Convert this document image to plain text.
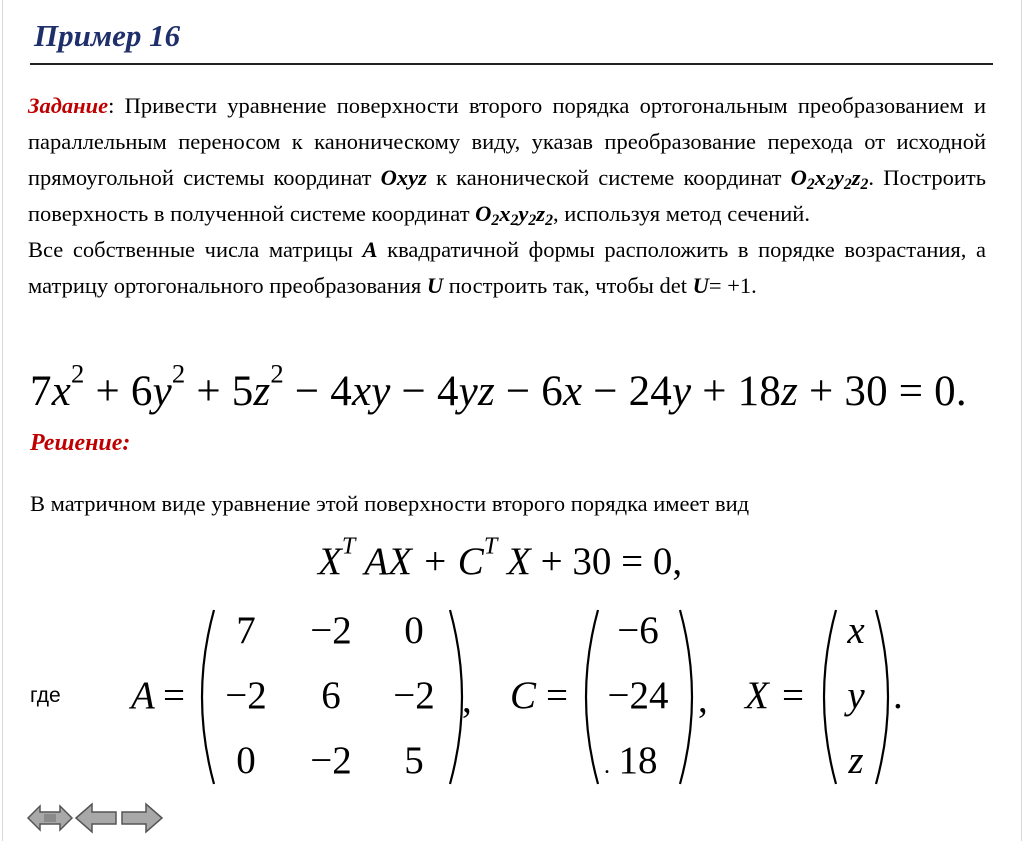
Пример 16

Задание: Привести уравнение поверхности второго порядка ортогональным преобразованием и параллельным переносом к каноническому виду, указав преобразование перехода от исходной прямоугольной системы координат Oxyz к канонической системе координат $O_2x_2y_2z_2$. Построить поверхность в полученной системе координат $O_2x_2y_2z_2$, используя метод сечений.

Все собственные числа матрицы A квадратичной формы расположить в порядке возрастания, а матрицу ортогонального преобразования U построить так, чтобы det U= +1.

$7x^2 + 6y^2 + 5z^2 - 4xy - 4yz - 6x - 24y + 18z + 30 = 0$.
Решение:
В матричном виде уравнение этой поверхности второго порядка имеет вид
$X^T$ AX + $C^T$ X + 30 = 0,
где A =
7 −2 0
−2 6 −2
0 −2 5
, C =
−6
−24
18
.
, X =
x
y
z
.
